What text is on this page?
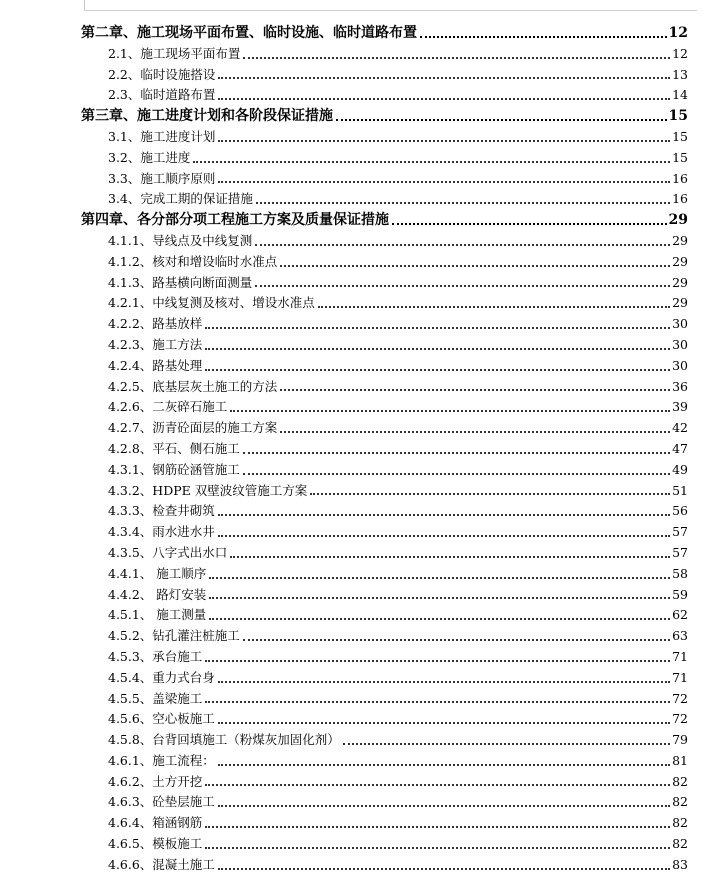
第二章、施工现场平面布置、临时设施、临时道路布置	12
2.1、施工现场平面布置	12
2.2、临时设施搭设	13
2.3、临时道路布置	14
第三章、施工进度计划和各阶段保证措施	15
3.1、施工进度计划	15
3.2、施工进度	15
3.3、施工顺序原则	16
3.4、完成工期的保证措施	16
第四章、各分部分项工程施工方案及质量保证措施	29
4.1.1、导线点及中线复测	29
4.1.2、核对和增设临时水准点	29
4.1.3、路基横向断面测量	29
4.2.1、中线复测及核对、增设水准点	29
4.2.2、路基放样	30
4.2.3、施工方法	30
4.2.4、路基处理	30
4.2.5、底基层灰土施工的方法	36
4.2.6、二灰碎石施工	39
4.2.7、沥青砼面层的施工方案	42
4.2.8、平石、侧石施工	47
4.3.1、钢筋砼涵管施工	49
4.3.2、HDPE 双壁波纹管施工方案	51
4.3.3、检查井砌筑	56
4.3.4、雨水进水井	57
4.3.5、八字式出水口	57
4.4.1、 施工顺序	58
4.4.2、 路灯安装	59
4.5.1、 施工测量	62
4.5.2、钻孔灌注桩施工	63
4.5.3、承台施工	71
4.5.4、重力式台身	71
4.5.5、盖梁施工	72
4.5.6、空心板施工	72
4.5.8、台背回填施工（粉煤灰加固化剂）	79
4.6.1、施工流程：	81
4.6.2、土方开挖	82
4.6.3、砼垫层施工	82
4.6.4、箱涵钢筋	82
4.6.5、模板施工	82
4.6.6、混凝土施工	83
